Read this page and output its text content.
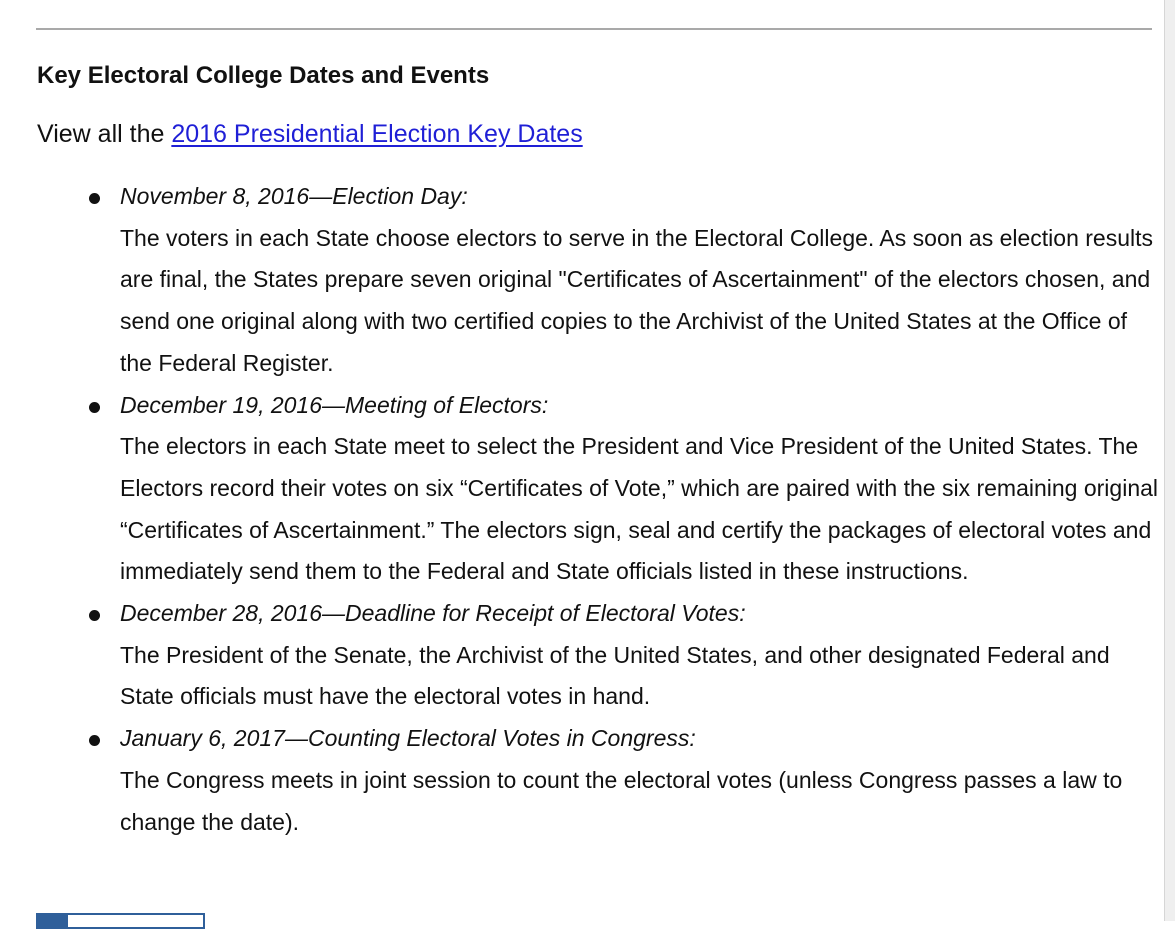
Key Electoral College Dates and Events

View all the 2016 Presidential Election Key Dates

November 8, 2016—Election Day:
The voters in each State choose electors to serve in the Electoral College. As soon as election results are final, the States prepare seven original "Certificates of Ascertainment" of the electors chosen, and send one original along with two certified copies to the Archivist of the United States at the Office of the Federal Register.
December 19, 2016—Meeting of Electors:
The electors in each State meet to select the President and Vice President of the United States. The Electors record their votes on six “Certificates of Vote,” which are paired with the six remaining original “Certificates of Ascertainment.” The electors sign, seal and certify the packages of electoral votes and immediately send them to the Federal and State officials listed in these instructions.
December 28, 2016—Deadline for Receipt of Electoral Votes:
The President of the Senate, the Archivist of the United States, and other designated Federal and State officials must have the electoral votes in hand.
January 6, 2017—Counting Electoral Votes in Congress:
The Congress meets in joint session to count the electoral votes (unless Congress passes a law to change the date).
